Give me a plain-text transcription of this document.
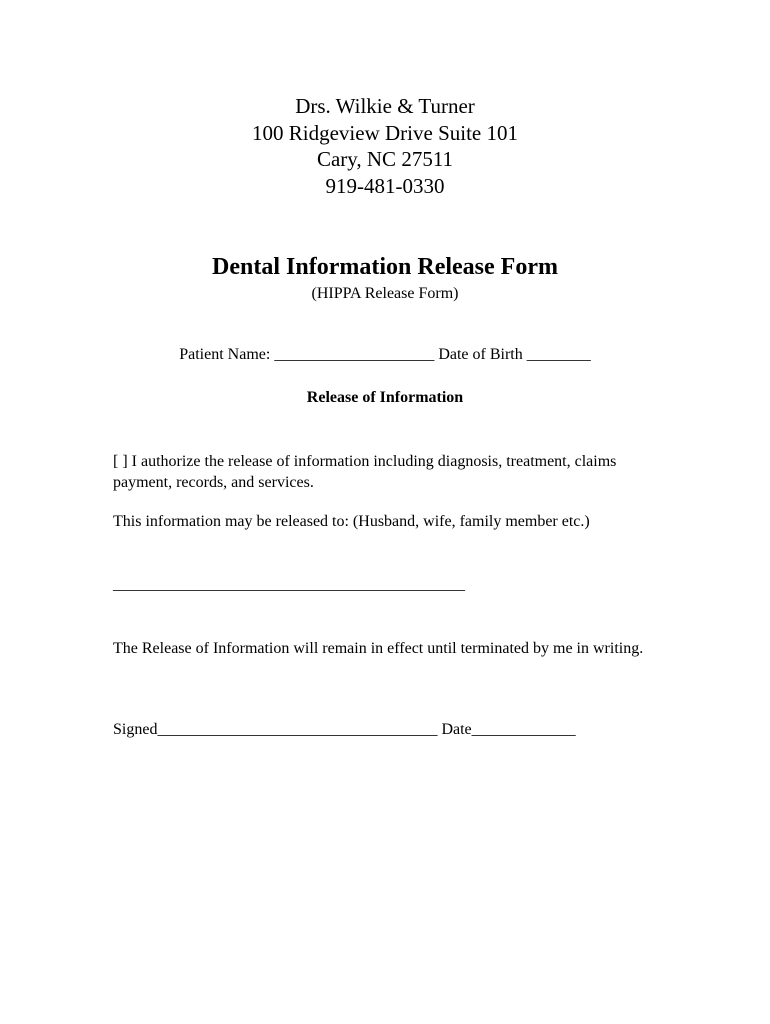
Drs. Wilkie & Turner
100 Ridgeview Drive Suite 101
Cary, NC 27511
919-481-0330
Dental Information Release Form
(HIPPA Release Form)
Patient Name: ____________________ Date of Birth ________
Release of Information
[ ] I authorize the release of information including diagnosis, treatment, claims payment, records, and services.
This information may be released to: (Husband, wife, family member etc.)
____________________________________________
The Release of Information will remain in effect until terminated by me in writing.
Signed___________________________________ Date_____________
